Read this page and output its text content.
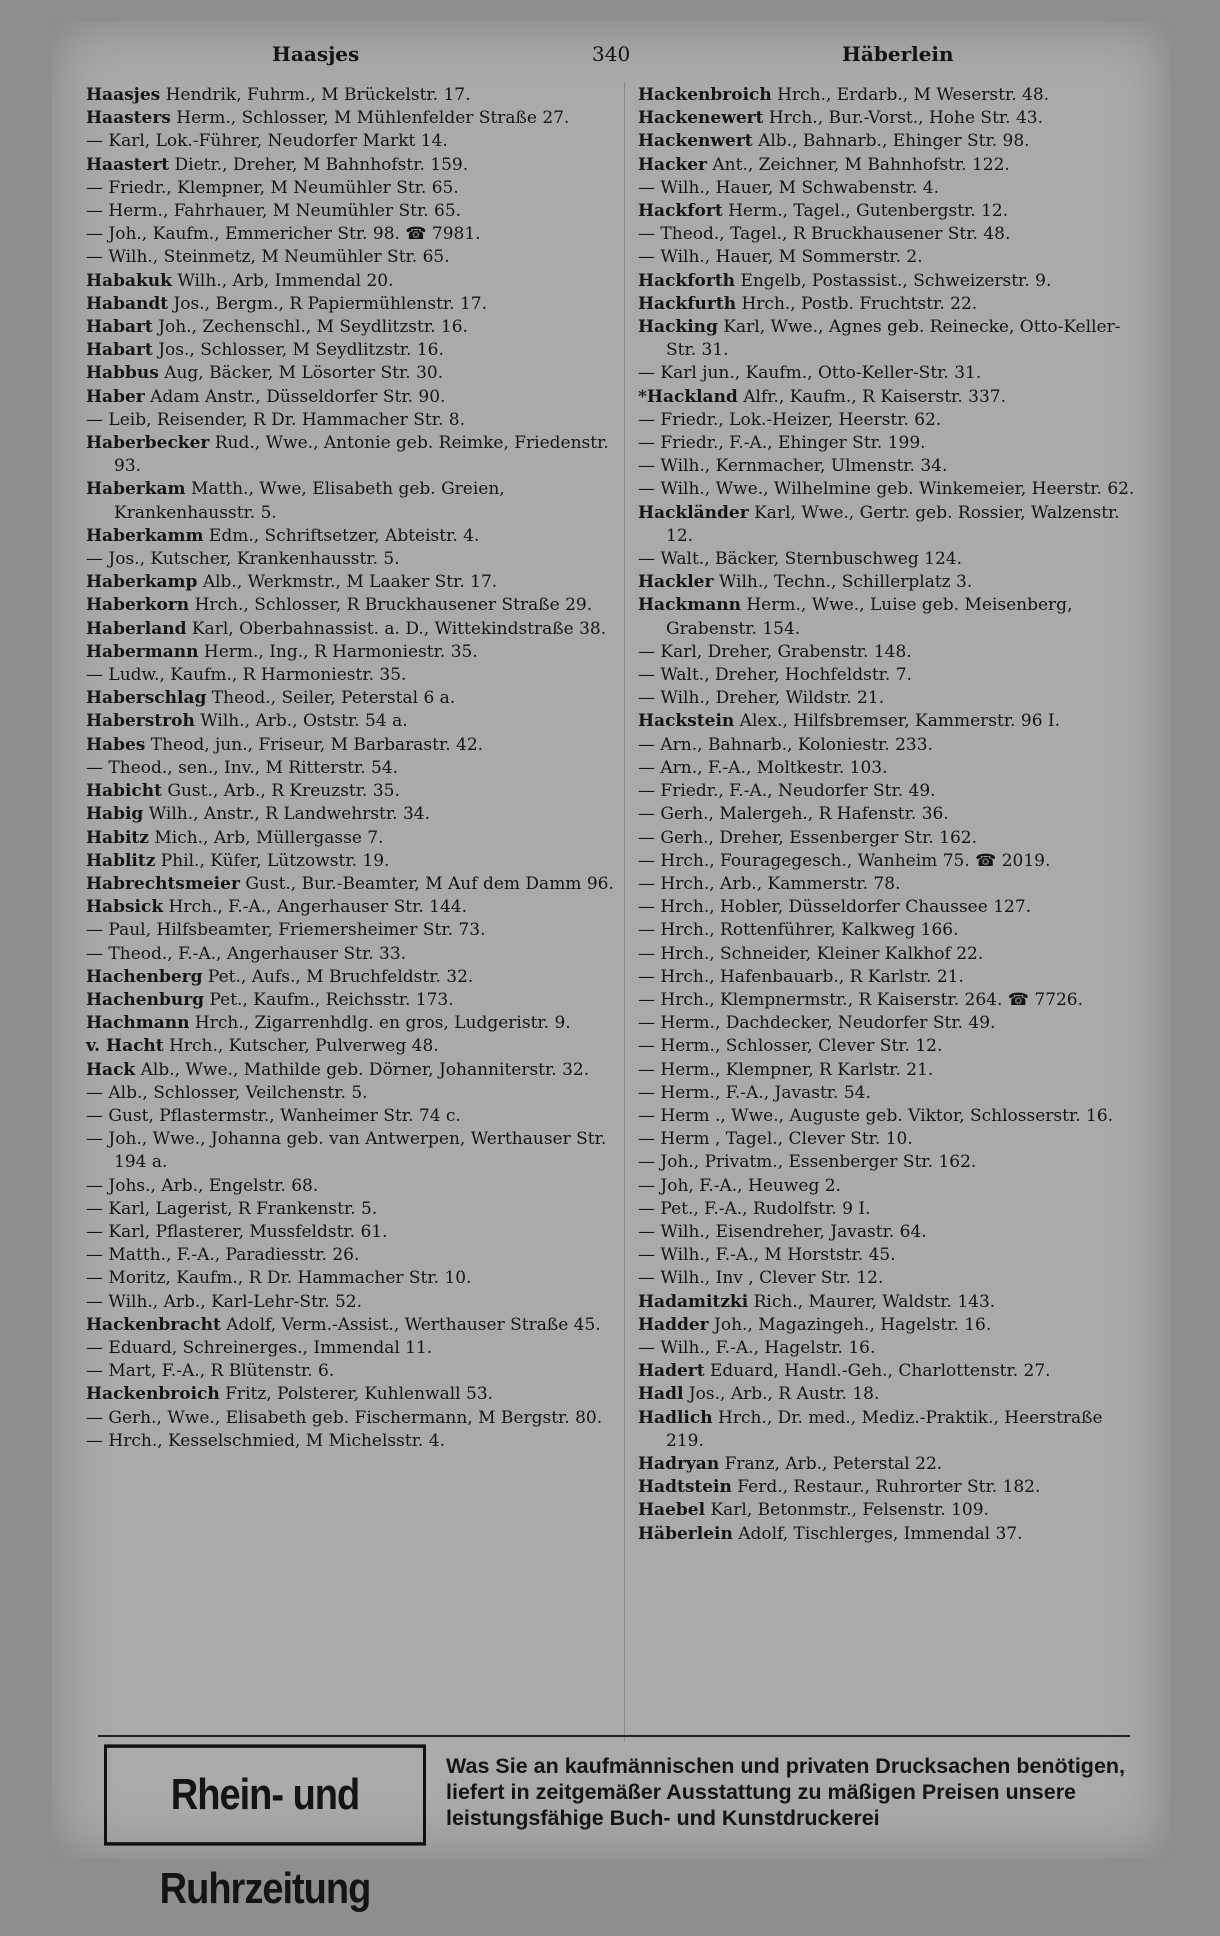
Haasjes	340	Häberlein
Haasjes Hendrik, Fuhrm., M Brückelstr. 17.
Haasters Herm., Schlosser, M Mühlenfelder Straße 27.
— Karl, Lok.-Führer, Neudorfer Markt 14.
Haastert Dietr., Dreher, M Bahnhofstr. 159.
— Friedr., Klempner, M Neumühler Str. 65.
— Herm., Fahrhauer, M Neumühler Str. 65.
— Joh., Kaufm., Emmericher Str. 98. ☎ 7981.
— Wilh., Steinmetz, M Neumühler Str. 65.
Habakuk Wilh., Arb, Immendal 20.
Habandt Jos., Bergm., R Papiermühlenstr. 17.
Habart Joh., Zechenschl., M Seydlitzstr. 16.
Habart Jos., Schlosser, M Seydlitzstr. 16.
Habbus Aug, Bäcker, M Lösorter Str. 30.
Haber Adam Anstr., Düsseldorfer Str. 90.
— Leib, Reisender, R Dr. Hammacher Str. 8.
Haberbecker Rud., Wwe., Antonie geb. Reimke, Friedenstr. 93.
Haberkam Matth., Wwe, Elisabeth geb. Greien, Krankenhausstr. 5.
Haberkamm Edm., Schriftsetzer, Abteistr. 4.
— Jos., Kutscher, Krankenhausstr. 5.
Haberkamp Alb., Werkmstr., M Laaker Str. 17.
Haberkorn Hrch., Schlosser, R Bruckhausener Straße 29.
Haberland Karl, Oberbahnassist. a. D., Wittekindstraße 38.
Habermann Herm., Ing., R Harmoniestr. 35.
— Ludw., Kaufm., R Harmoniestr. 35.
Haberschlag Theod., Seiler, Peterstal 6 a.
Haberstroh Wilh., Arb., Oststr. 54 a.
Habes Theod, jun., Friseur, M Barbarastr. 42.
— Theod., sen., Inv., M Ritterstr. 54.
Habicht Gust., Arb., R Kreuzstr. 35.
Habig Wilh., Anstr., R Landwehrstr. 34.
Habitz Mich., Arb, Müllergasse 7.
Hablitz Phil., Küfer, Lützowstr. 19.
Habrechtsmeier Gust., Bur.-Beamter, M Auf dem Damm 96.
Habsick Hrch., F.-A., Angerhauser Str. 144.
— Paul, Hilfsbeamter, Friemersheimer Str. 73.
— Theod., F.-A., Angerhauser Str. 33.
Hachenberg Pet., Aufs., M Bruchfeldstr. 32.
Hachenburg Pet., Kaufm., Reichsstr. 173.
Hachmann Hrch., Zigarrenhdlg. en gros, Ludgeristr. 9.
v. Hacht Hrch., Kutscher, Pulverweg 48.
Hack Alb., Wwe., Mathilde geb. Dörner, Johanniterstr. 32.
— Alb., Schlosser, Veilchenstr. 5.
— Gust, Pflastermstr., Wanheimer Str. 74 c.
— Joh., Wwe., Johanna geb. van Antwerpen, Werthauser Str. 194 a.
— Johs., Arb., Engelstr. 68.
— Karl, Lagerist, R Frankenstr. 5.
— Karl, Pflasterer, Mussfeldstr. 61.
— Matth., F.-A., Paradiesstr. 26.
— Moritz, Kaufm., R Dr. Hammacher Str. 10.
— Wilh., Arb., Karl-Lehr-Str. 52.
Hackenbracht Adolf, Verm.-Assist., Werthauser Straße 45.
— Eduard, Schreinerges., Immendal 11.
— Mart, F.-A., R Blütenstr. 6.
Hackenbroich Fritz, Polsterer, Kuhlenwall 53.
— Gerh., Wwe., Elisabeth geb. Fischermann, M Bergstr. 80.
— Hrch., Kesselschmied, M Michelsstr. 4.
Hackenbroich Hrch., Erdarb., M Weserstr. 48.
Hackenewert Hrch., Bur.-Vorst., Hohe Str. 43.
Hackenwert Alb., Bahnarb., Ehinger Str. 98.
Hacker Ant., Zeichner, M Bahnhofstr. 122.
— Wilh., Hauer, M Schwabenstr. 4.
Hackfort Herm., Tagel., Gutenbergstr. 12.
— Theod., Tagel., R Bruckhausener Str. 48.
— Wilh., Hauer, M Sommerstr. 2.
Hackforth Engelb, Postassist., Schweizerstr. 9.
Hackfurth Hrch., Postb. Fruchtstr. 22.
Hacking Karl, Wwe., Agnes geb. Reinecke, Otto-Keller-Str. 31.
— Karl jun., Kaufm., Otto-Keller-Str. 31.
*Hackland Alfr., Kaufm., R Kaiserstr. 337.
— Friedr., Lok.-Heizer, Heerstr. 62.
— Friedr., F.-A., Ehinger Str. 199.
— Wilh., Kernmacher, Ulmenstr. 34.
— Wilh., Wwe., Wilhelmine geb. Winkemeier, Heerstr. 62.
Hackländer Karl, Wwe., Gertr. geb. Rossier, Walzenstr. 12.
— Walt., Bäcker, Sternbuschweg 124.
Hackler Wilh., Techn., Schillerplatz 3.
Hackmann Herm., Wwe., Luise geb. Meisenberg, Grabenstr. 154.
— Karl, Dreher, Grabenstr. 148.
— Walt., Dreher, Hochfeldstr. 7.
— Wilh., Dreher, Wildstr. 21.
Hackstein Alex., Hilfsbremser, Kammerstr. 96 I.
— Arn., Bahnarb., Koloniestr. 233.
— Arn., F.-A., Moltkestr. 103.
— Friedr., F.-A., Neudorfer Str. 49.
— Gerh., Malergeh., R Hafenstr. 36.
— Gerh., Dreher, Essenberger Str. 162.
— Hrch., Fouragegesch., Wanheim 75. ☎ 2019.
— Hrch., Arb., Kammerstr. 78.
— Hrch., Hobler, Düsseldorfer Chaussee 127.
— Hrch., Rottenführer, Kalkweg 166.
— Hrch., Schneider, Kleiner Kalkhof 22.
— Hrch., Hafenbauarb., R Karlstr. 21.
— Hrch., Klempnermstr., R Kaiserstr. 264. ☎ 7726.
— Herm., Dachdecker, Neudorfer Str. 49.
— Herm., Schlosser, Clever Str. 12.
— Herm., Klempner, R Karlstr. 21.
— Herm., F.-A., Javastr. 54.
— Herm ., Wwe., Auguste geb. Viktor, Schlosserstr. 16.
— Herm , Tagel., Clever Str. 10.
— Joh., Privatm., Essenberger Str. 162.
— Joh, F.-A., Heuweg 2.
— Pet., F.-A., Rudolfstr. 9 I.
— Wilh., Eisendreher, Javastr. 64.
— Wilh., F.-A., M Horststr. 45.
— Wilh., Inv , Clever Str. 12.
Hadamitzki Rich., Maurer, Waldstr. 143.
Hadder Joh., Magazingeh., Hagelstr. 16.
— Wilh., F.-A., Hagelstr. 16.
Hadert Eduard, Handl.-Geh., Charlottenstr. 27.
Hadl Jos., Arb., R Austr. 18.
Hadlich Hrch., Dr. med., Mediz.-Praktik., Heerstraße 219.
Hadryan Franz, Arb., Peterstal 22.
Hadtstein Ferd., Restaur., Ruhrorter Str. 182.
Haebel Karl, Betonmstr., Felsenstr. 109.
Häberlein Adolf, Tischlerges, Immendal 37.
Rhein- und Ruhrzeitung
Was Sie an kaufmännischen und privaten Drucksachen benötigen, liefert in zeitgemäßer Ausstattung zu mäßigen Preisen unsere leistungsfähige Buch- und Kunstdruckerei
